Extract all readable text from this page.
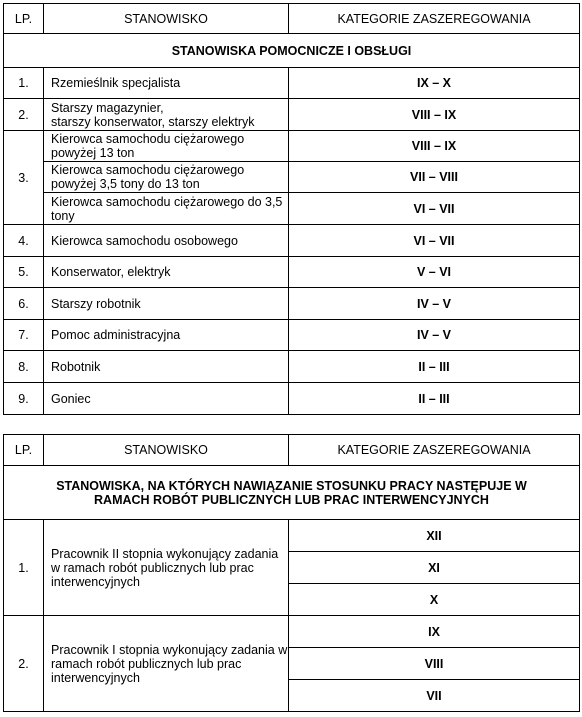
LP.	STANOWISKO	KATEGORIE ZASZEREGOWANIA
STANOWISKA POMOCNICZE I OBSŁUGI		
1.	Rzemieślnik specjalista	IX – X
2.	Starszy magazynier,
starszy konserwator, starszy elektryk	VIII – IX
3.	Kierowca samochodu ciężarowego
powyżej 13 ton	VIII – IX

	Kierowca samochodu ciężarowego
powyżej 3,5 tony do 13 ton	VII – VIII

	Kierowca samochodu ciężarowego do 3,5
tony	VI – VII
4.	Kierowca samochodu osobowego	VI – VII
5.	Konserwator, elektryk	V – VI
6.	Starszy robotnik	IV – V
7.	Pomoc administracyjna	IV – V
8.	Robotnik	II – III
9.	Goniec	II – III
LP.	STANOWISKO	KATEGORIE ZASZEREGOWANIA

STANOWISKA, NA KTÓRYCH NAWIĄZANIE STOSUNKU PRACY NASTĘPUJE W
RAMACH ROBÓT PUBLICZNYCH LUB PRAC INTERWENCYJNYCH		

1.	Pracownik II stopnia wykonujący zadania
w ramach robót publicznych lub prac
interwencyjnych	XII
		XI
		X
2.	Pracownik I stopnia wykonujący zadania w
ramach robót publicznych lub prac
interwencyjnych	IX
		VIII
		VII
